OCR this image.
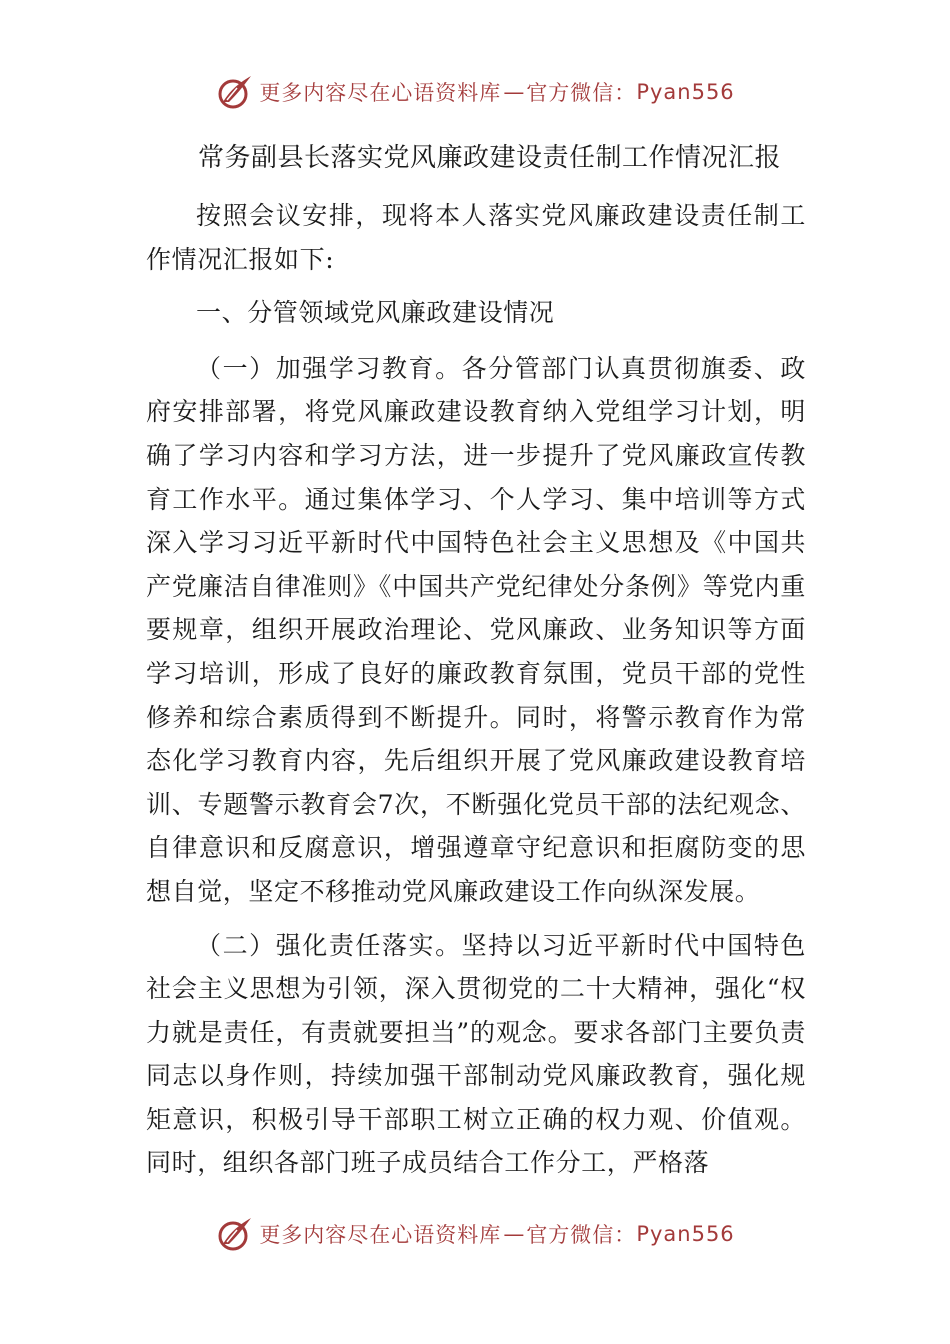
更多内容尽在心语资料库 — 官方微信： Pyan556
常务副县长落实党风廉政建设责任制工作情况汇报

按照会议安排，现将本人落实党风廉政建设责任制工作情况汇报如下:

一、分管领域党风廉政建设情况

（一）加强学习教育。各分管部门认真贯彻旗委、政府安排部署，将党风廉政建设教育纳入党组学习计划，明确了学习内容和学习方法，进一步提升了党风廉政宣传教育工作水平。通过集体学习、个人学习、集中培训等方式深入学习习近平新时代中国特色社会主义思想及《中国共产党廉洁自律准则》《中国共产党纪律处分条例》等党内重要规章，组织开展政治理论、党风廉政、业务知识等方面学习培训，形成了良好的廉政教育氛围，党员干部的党性修养和综合素质得到不断提升。同时，将警示教育作为常态化学习教育内容，先后组织开展了党风廉政建设教育培训、专题警示教育会7次，不断强化党员干部的法纪观念、自律意识和反腐意识，增强遵章守纪意识和拒腐防变的思想自觉，坚定不移推动党风廉政建设工作向纵深发展。

（二）强化责任落实。坚持以习近平新时代中国特色社会主义思想为引领，深入贯彻党的二十大精神，强化“权力就是责任，有责就要担当”的观念。要求各部门主要负责同志以身作则，持续加强干部制动党风廉政教育，强化规矩意识，积极引导干部职工树立正确的权力观、价值观。同时，组织各部门班子成员结合工作分工，严格落

更多内容尽在心语资料库 — 官方微信： Pyan556
